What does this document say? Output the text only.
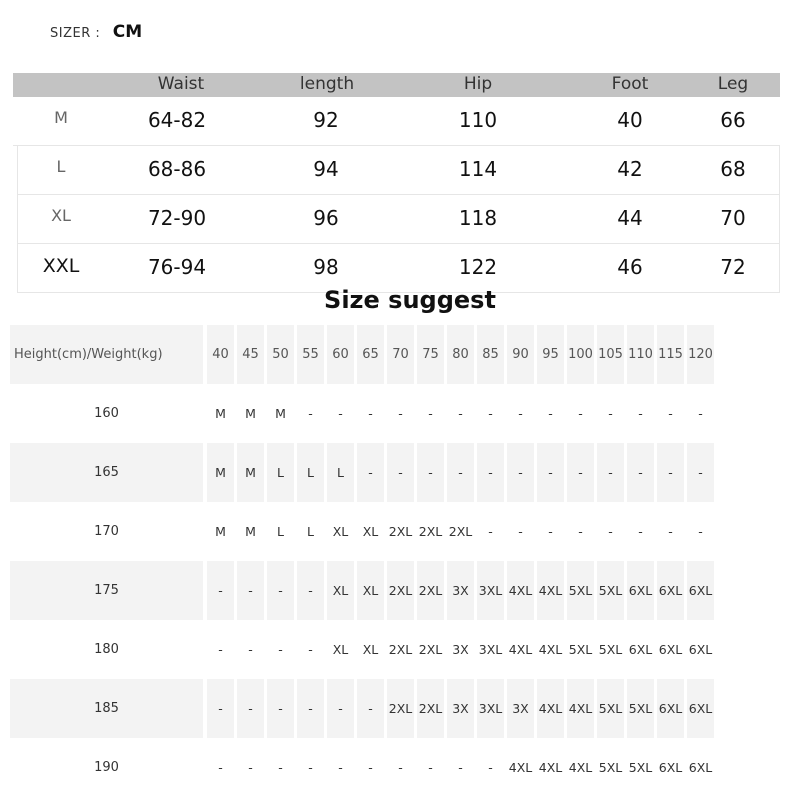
SIZER : CM
Waist	length	Hip	Foot	Leg
M	64-82	92	110	40	66
L	68-86	94	114	42	68
XL	72-90	96	118	44	70
XXL	76-94	98	122	46	72
Size suggest
Height(cm)/Weight(kg)	40	45	50	55	60	65	70	75	80	85	90	95 100 105 110 115 120
160	M	M	M	-	-	-	-	-	-	-	-	-	-	-	-	-	-
165	M	M	L	L	L	-	-	-	-	-	-	-	-	-	-	-	-
170	M	M	L	L	XL	XL 2XL 2XL 2XL	-	-	-	-	-	-	-	-
175	-	-	-	-	XL	XL 2XL 2XL 3X 3XL 4XL 4XL 5XL 5XL 6XL 6XL 6XL
180	-	-	-	-	XL	XL 2XL 2XL 3X 3XL 4XL 4XL 5XL 5XL 6XL 6XL 6XL
185	-	-	-	-	-	-	2XL 2XL 3X 3XL 3X 4XL 4XL 5XL 5XL 6XL 6XL
190	-	-	-	-	-	-	-	-	-	-	4XL 4XL 4XL 5XL 5XL 6XL 6XL
